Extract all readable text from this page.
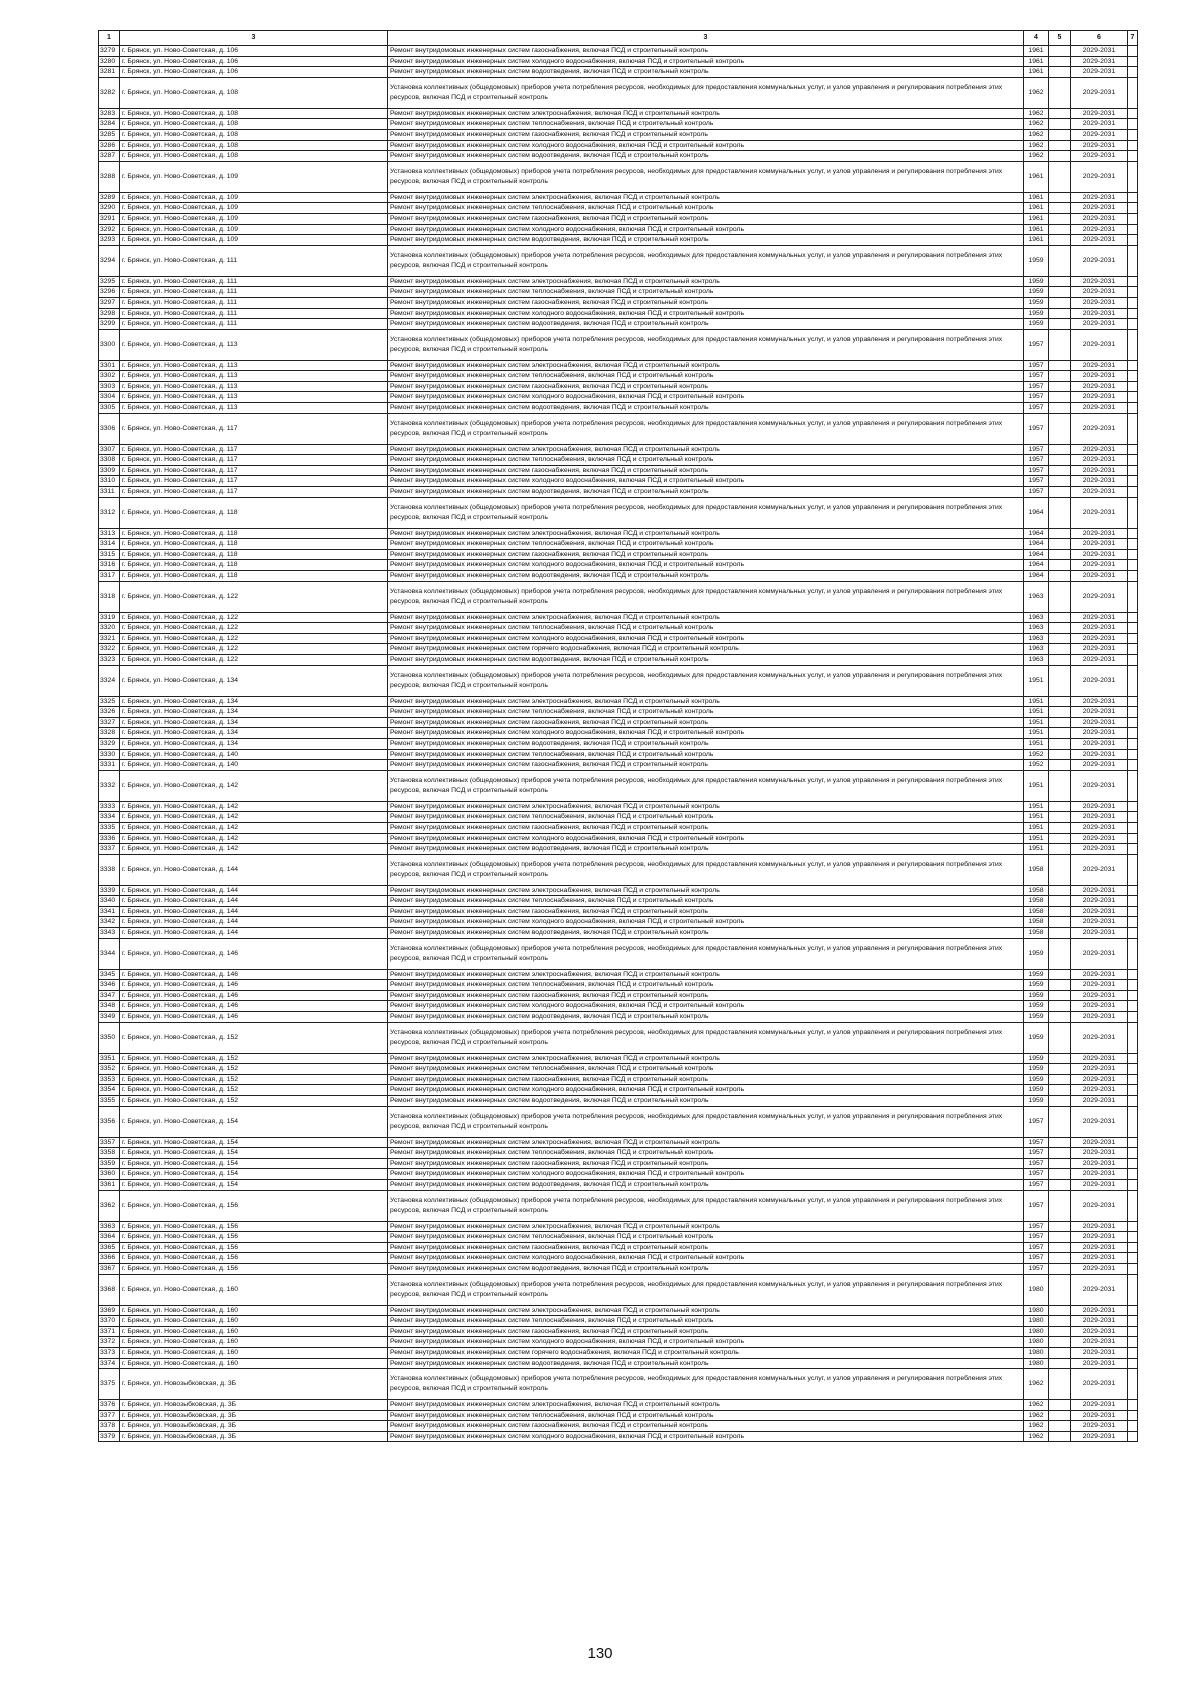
1	3	3	4	5	6	7
3279	г. Брянск, ул. Ново-Советская, д. 106	Ремонт внутридомовых инженерных систем газоснабжения, включая ПСД и строительный контроль	1961		2029-2031	
3280	г. Брянск, ул. Ново-Советская, д. 106	Ремонт внутридомовых инженерных систем холодного водоснабжения, включая ПСД и строительный контроль	1961		2029-2031	
3281	г. Брянск, ул. Ново-Советская, д. 106	Ремонт внутридомовых инженерных систем водоотведения, включая ПСД и строительный контроль	1961		2029-2031	
3282	г. Брянск, ул. Ново-Советская, д. 108	Установка коллективных (общедомовых) приборов учета потребления ресурсов, необходимых для предоставления коммунальных услуг, и узлов управления и регулирования потребления этих ресурсов, включая ПСД и строительный контроль	1962		2029-2031	
3283	г. Брянск, ул. Ново-Советская, д. 108	Ремонт внутридомовых инженерных систем электроснабжения, включая ПСД и строительный контроль	1962		2029-2031	
3284	г. Брянск, ул. Ново-Советская, д. 108	Ремонт внутридомовых инженерных систем теплоснабжения, включая ПСД и строительный контроль	1962		2029-2031	
3285	г. Брянск, ул. Ново-Советская, д. 108	Ремонт внутридомовых инженерных систем газоснабжения, включая ПСД и строительный контроль	1962		2029-2031	
3286	г. Брянск, ул. Ново-Советская, д. 108	Ремонт внутридомовых инженерных систем холодного водоснабжения, включая ПСД и строительный контроль	1962		2029-2031	
3287	г. Брянск, ул. Ново-Советская, д. 108	Ремонт внутридомовых инженерных систем водоотведения, включая ПСД и строительный контроль	1962		2029-2031	
3288	г. Брянск, ул. Ново-Советская, д. 109	Установка коллективных (общедомовых) приборов учета потребления ресурсов, необходимых для предоставления коммунальных услуг, и узлов управления и регулирования потребления этих ресурсов, включая ПСД и строительный контроль	1961		2029-2031	
3289	г. Брянск, ул. Ново-Советская, д. 109	Ремонт внутридомовых инженерных систем электроснабжения, включая ПСД и строительный контроль	1961		2029-2031	
3290	г. Брянск, ул. Ново-Советская, д. 109	Ремонт внутридомовых инженерных систем теплоснабжения, включая ПСД и строительный контроль	1961		2029-2031	
3291	г. Брянск, ул. Ново-Советская, д. 109	Ремонт внутридомовых инженерных систем газоснабжения, включая ПСД и строительный контроль	1961		2029-2031	
3292	г. Брянск, ул. Ново-Советская, д. 109	Ремонт внутридомовых инженерных систем холодного водоснабжения, включая ПСД и строительный контроль	1961		2029-2031	
3293	г. Брянск, ул. Ново-Советская, д. 109	Ремонт внутридомовых инженерных систем водоотведения, включая ПСД и строительный контроль	1961		2029-2031	
3294	г. Брянск, ул. Ново-Советская, д. 111	Установка коллективных (общедомовых) приборов учета потребления ресурсов, необходимых для предоставления коммунальных услуг, и узлов управления и регулирования потребления этих ресурсов, включая ПСД и строительный контроль	1959		2029-2031	
3295	г. Брянск, ул. Ново-Советская, д. 111	Ремонт внутридомовых инженерных систем электроснабжения, включая ПСД и строительный контроль	1959		2029-2031	
3296	г. Брянск, ул. Ново-Советская, д. 111	Ремонт внутридомовых инженерных систем теплоснабжения, включая ПСД и строительный контроль	1959		2029-2031	
3297	г. Брянск, ул. Ново-Советская, д. 111	Ремонт внутридомовых инженерных систем газоснабжения, включая ПСД и строительный контроль	1959		2029-2031	
3298	г. Брянск, ул. Ново-Советская, д. 111	Ремонт внутридомовых инженерных систем холодного водоснабжения, включая ПСД и строительный контроль	1959		2029-2031	
3299	г. Брянск, ул. Ново-Советская, д. 111	Ремонт внутридомовых инженерных систем водоотведения, включая ПСД и строительный контроль	1959		2029-2031	
3300	г. Брянск, ул. Ново-Советская, д. 113	Установка коллективных (общедомовых) приборов учета потребления ресурсов, необходимых для предоставления коммунальных услуг, и узлов управления и регулирования потребления этих ресурсов, включая ПСД и строительный контроль	1957		2029-2031	
3301	г. Брянск, ул. Ново-Советская, д. 113	Ремонт внутридомовых инженерных систем электроснабжения, включая ПСД и строительный контроль	1957		2029-2031	
3302	г. Брянск, ул. Ново-Советская, д. 113	Ремонт внутридомовых инженерных систем теплоснабжения, включая ПСД и строительный контроль	1957		2029-2031	
3303	г. Брянск, ул. Ново-Советская, д. 113	Ремонт внутридомовых инженерных систем газоснабжения, включая ПСД и строительный контроль	1957		2029-2031	
3304	г. Брянск, ул. Ново-Советская, д. 113	Ремонт внутридомовых инженерных систем холодного водоснабжения, включая ПСД и строительный контроль	1957		2029-2031	
3305	г. Брянск, ул. Ново-Советская, д. 113	Ремонт внутридомовых инженерных систем водоотведения, включая ПСД и строительный контроль	1957		2029-2031	
3306	г. Брянск, ул. Ново-Советская, д. 117	Установка коллективных (общедомовых) приборов учета потребления ресурсов, необходимых для предоставления коммунальных услуг, и узлов управления и регулирования потребления этих ресурсов, включая ПСД и строительный контроль	1957		2029-2031	
3307	г. Брянск, ул. Ново-Советская, д. 117	Ремонт внутридомовых инженерных систем электроснабжения, включая ПСД и строительный контроль	1957		2029-2031	
3308	г. Брянск, ул. Ново-Советская, д. 117	Ремонт внутридомовых инженерных систем теплоснабжения, включая ПСД и строительный контроль	1957		2029-2031	
3309	г. Брянск, ул. Ново-Советская, д. 117	Ремонт внутридомовых инженерных систем газоснабжения, включая ПСД и строительный контроль	1957		2029-2031	
3310	г. Брянск, ул. Ново-Советская, д. 117	Ремонт внутридомовых инженерных систем холодного водоснабжения, включая ПСД и строительный контроль	1957		2029-2031	
3311	г. Брянск, ул. Ново-Советская, д. 117	Ремонт внутридомовых инженерных систем водоотведения, включая ПСД и строительный контроль	1957		2029-2031	
3312	г. Брянск, ул. Ново-Советская, д. 118	Установка коллективных (общедомовых) приборов учета потребления ресурсов, необходимых для предоставления коммунальных услуг, и узлов управления и регулирования потребления этих ресурсов, включая ПСД и строительный контроль	1964		2029-2031	
3313	г. Брянск, ул. Ново-Советская, д. 118	Ремонт внутридомовых инженерных систем электроснабжения, включая ПСД и строительный контроль	1964		2029-2031	
3314	г. Брянск, ул. Ново-Советская, д. 118	Ремонт внутридомовых инженерных систем теплоснабжения, включая ПСД и строительный контроль	1964		2029-2031	
3315	г. Брянск, ул. Ново-Советская, д. 118	Ремонт внутридомовых инженерных систем газоснабжения, включая ПСД и строительный контроль	1964		2029-2031	
3316	г. Брянск, ул. Ново-Советская, д. 118	Ремонт внутридомовых инженерных систем холодного водоснабжения, включая ПСД и строительный контроль	1964		2029-2031	
3317	г. Брянск, ул. Ново-Советская, д. 118	Ремонт внутридомовых инженерных систем водоотведения, включая ПСД и строительный контроль	1964		2029-2031	
3318	г. Брянск, ул. Ново-Советская, д. 122	Установка коллективных (общедомовых) приборов учета потребления ресурсов, необходимых для предоставления коммунальных услуг, и узлов управления и регулирования потребления этих ресурсов, включая ПСД и строительный контроль	1963		2029-2031	
3319	г. Брянск, ул. Ново-Советская, д. 122	Ремонт внутридомовых инженерных систем электроснабжения, включая ПСД и строительный контроль	1963		2029-2031	
3320	г. Брянск, ул. Ново-Советская, д. 122	Ремонт внутридомовых инженерных систем теплоснабжения, включая ПСД и строительный контроль	1963		2029-2031	
3321	г. Брянск, ул. Ново-Советская, д. 122	Ремонт внутридомовых инженерных систем холодного водоснабжения, включая ПСД и строительный контроль	1963		2029-2031	
3322	г. Брянск, ул. Ново-Советская, д. 122	Ремонт внутридомовых инженерных систем горячего водоснабжения, включая ПСД и строительный контроль	1963		2029-2031	
3323	г. Брянск, ул. Ново-Советская, д. 122	Ремонт внутридомовых инженерных систем водоотведения, включая ПСД и строительный контроль	1963		2029-2031	
3324	г. Брянск, ул. Ново-Советская, д. 134	Установка коллективных (общедомовых) приборов учета потребления ресурсов, необходимых для предоставления коммунальных услуг, и узлов управления и регулирования потребления этих ресурсов, включая ПСД и строительный контроль	1951		2029-2031	
3325	г. Брянск, ул. Ново-Советская, д. 134	Ремонт внутридомовых инженерных систем электроснабжения, включая ПСД и строительный контроль	1951		2029-2031	
3326	г. Брянск, ул. Ново-Советская, д. 134	Ремонт внутридомовых инженерных систем теплоснабжения, включая ПСД и строительный контроль	1951		2029-2031	
3327	г. Брянск, ул. Ново-Советская, д. 134	Ремонт внутридомовых инженерных систем газоснабжения, включая ПСД и строительный контроль	1951		2029-2031	
3328	г. Брянск, ул. Ново-Советская, д. 134	Ремонт внутридомовых инженерных систем холодного водоснабжения, включая ПСД и строительный контроль	1951		2029-2031	
3329	г. Брянск, ул. Ново-Советская, д. 134	Ремонт внутридомовых инженерных систем водоотведения, включая ПСД и строительный контроль	1951		2029-2031	
3330	г. Брянск, ул. Ново-Советская, д. 140	Ремонт внутридомовых инженерных систем теплоснабжения, включая ПСД и строительный контроль	1952		2029-2031	
3331	г. Брянск, ул. Ново-Советская, д. 140	Ремонт внутридомовых инженерных систем газоснабжения, включая ПСД и строительный контроль	1952		2029-2031	
3332	г. Брянск, ул. Ново-Советская, д. 142	Установка коллективных (общедомовых) приборов учета потребления ресурсов, необходимых для предоставления коммунальных услуг, и узлов управления и регулирования потребления этих ресурсов, включая ПСД и строительный контроль	1951		2029-2031	
3333	г. Брянск, ул. Ново-Советская, д. 142	Ремонт внутридомовых инженерных систем электроснабжения, включая ПСД и строительный контроль	1951		2029-2031	
3334	г. Брянск, ул. Ново-Советская, д. 142	Ремонт внутридомовых инженерных систем теплоснабжения, включая ПСД и строительный контроль	1951		2029-2031	
3335	г. Брянск, ул. Ново-Советская, д. 142	Ремонт внутридомовых инженерных систем газоснабжения, включая ПСД и строительный контроль	1951		2029-2031	
3336	г. Брянск, ул. Ново-Советская, д. 142	Ремонт внутридомовых инженерных систем холодного водоснабжения, включая ПСД и строительный контроль	1951		2029-2031	
3337	г. Брянск, ул. Ново-Советская, д. 142	Ремонт внутридомовых инженерных систем водоотведения, включая ПСД и строительный контроль	1951		2029-2031	
3338	г. Брянск, ул. Ново-Советская, д. 144	Установка коллективных (общедомовых) приборов учета потребления ресурсов, необходимых для предоставления коммунальных услуг, и узлов управления и регулирования потребления этих ресурсов, включая ПСД и строительный контроль	1958		2029-2031	
3339	г. Брянск, ул. Ново-Советская, д. 144	Ремонт внутридомовых инженерных систем электроснабжения, включая ПСД и строительный контроль	1958		2029-2031	
3340	г. Брянск, ул. Ново-Советская, д. 144	Ремонт внутридомовых инженерных систем теплоснабжения, включая ПСД и строительный контроль	1958		2029-2031	
3341	г. Брянск, ул. Ново-Советская, д. 144	Ремонт внутридомовых инженерных систем газоснабжения, включая ПСД и строительный контроль	1958		2029-2031	
3342	г. Брянск, ул. Ново-Советская, д. 144	Ремонт внутридомовых инженерных систем холодного водоснабжения, включая ПСД и строительный контроль	1958		2029-2031	
3343	г. Брянск, ул. Ново-Советская, д. 144	Ремонт внутридомовых инженерных систем водоотведения, включая ПСД и строительный контроль	1958		2029-2031	
3344	г. Брянск, ул. Ново-Советская, д. 146	Установка коллективных (общедомовых) приборов учета потребления ресурсов, необходимых для предоставления коммунальных услуг, и узлов управления и регулирования потребления этих ресурсов, включая ПСД и строительный контроль	1959		2029-2031	
3345	г. Брянск, ул. Ново-Советская, д. 146	Ремонт внутридомовых инженерных систем электроснабжения, включая ПСД и строительный контроль	1959		2029-2031	
3346	г. Брянск, ул. Ново-Советская, д. 146	Ремонт внутридомовых инженерных систем теплоснабжения, включая ПСД и строительный контроль	1959		2029-2031	
3347	г. Брянск, ул. Ново-Советская, д. 146	Ремонт внутридомовых инженерных систем газоснабжения, включая ПСД и строительный контроль	1959		2029-2031	
3348	г. Брянск, ул. Ново-Советская, д. 146	Ремонт внутридомовых инженерных систем холодного водоснабжения, включая ПСД и строительный контроль	1959		2029-2031	
3349	г. Брянск, ул. Ново-Советская, д. 146	Ремонт внутридомовых инженерных систем водоотведения, включая ПСД и строительный контроль	1959		2029-2031	
3350	г. Брянск, ул. Ново-Советская, д. 152	Установка коллективных (общедомовых) приборов учета потребления ресурсов, необходимых для предоставления коммунальных услуг, и узлов управления и регулирования потребления этих ресурсов, включая ПСД и строительный контроль	1959		2029-2031	
3351	г. Брянск, ул. Ново-Советская, д. 152	Ремонт внутридомовых инженерных систем электроснабжения, включая ПСД и строительный контроль	1959		2029-2031	
3352	г. Брянск, ул. Ново-Советская, д. 152	Ремонт внутридомовых инженерных систем теплоснабжения, включая ПСД и строительный контроль	1959		2029-2031	
3353	г. Брянск, ул. Ново-Советская, д. 152	Ремонт внутридомовых инженерных систем газоснабжения, включая ПСД и строительный контроль	1959		2029-2031	
3354	г. Брянск, ул. Ново-Советская, д. 152	Ремонт внутридомовых инженерных систем холодного водоснабжения, включая ПСД и строительный контроль	1959		2029-2031	
3355	г. Брянск, ул. Ново-Советская, д. 152	Ремонт внутридомовых инженерных систем водоотведения, включая ПСД и строительный контроль	1959		2029-2031	
3356	г. Брянск, ул. Ново-Советская, д. 154	Установка коллективных (общедомовых) приборов учета потребления ресурсов, необходимых для предоставления коммунальных услуг, и узлов управления и регулирования потребления этих ресурсов, включая ПСД и строительный контроль	1957		2029-2031	
3357	г. Брянск, ул. Ново-Советская, д. 154	Ремонт внутридомовых инженерных систем электроснабжения, включая ПСД и строительный контроль	1957		2029-2031	
3358	г. Брянск, ул. Ново-Советская, д. 154	Ремонт внутридомовых инженерных систем теплоснабжения, включая ПСД и строительный контроль	1957		2029-2031	
3359	г. Брянск, ул. Ново-Советская, д. 154	Ремонт внутридомовых инженерных систем газоснабжения, включая ПСД и строительный контроль	1957		2029-2031	
3360	г. Брянск, ул. Ново-Советская, д. 154	Ремонт внутридомовых инженерных систем холодного водоснабжения, включая ПСД и строительный контроль	1957		2029-2031	
3361	г. Брянск, ул. Ново-Советская, д. 154	Ремонт внутридомовых инженерных систем водоотведения, включая ПСД и строительный контроль	1957		2029-2031	
3362	г. Брянск, ул. Ново-Советская, д. 156	Установка коллективных (общедомовых) приборов учета потребления ресурсов, необходимых для предоставления коммунальных услуг, и узлов управления и регулирования потребления этих ресурсов, включая ПСД и строительный контроль	1957		2029-2031	
3363	г. Брянск, ул. Ново-Советская, д. 156	Ремонт внутридомовых инженерных систем электроснабжения, включая ПСД и строительный контроль	1957		2029-2031	
3364	г. Брянск, ул. Ново-Советская, д. 156	Ремонт внутридомовых инженерных систем теплоснабжения, включая ПСД и строительный контроль	1957		2029-2031	
3365	г. Брянск, ул. Ново-Советская, д. 156	Ремонт внутридомовых инженерных систем газоснабжения, включая ПСД и строительный контроль	1957		2029-2031	
3366	г. Брянск, ул. Ново-Советская, д. 156	Ремонт внутридомовых инженерных систем холодного водоснабжения, включая ПСД и строительный контроль	1957		2029-2031	
3367	г. Брянск, ул. Ново-Советская, д. 156	Ремонт внутридомовых инженерных систем водоотведения, включая ПСД и строительный контроль	1957		2029-2031	
3368	г. Брянск, ул. Ново-Советская, д. 160	Установка коллективных (общедомовых) приборов учета потребления ресурсов, необходимых для предоставления коммунальных услуг, и узлов управления и регулирования потребления этих ресурсов, включая ПСД и строительный контроль	1980		2029-2031	
3369	г. Брянск, ул. Ново-Советская, д. 160	Ремонт внутридомовых инженерных систем электроснабжения, включая ПСД и строительный контроль	1980		2029-2031	
3370	г. Брянск, ул. Ново-Советская, д. 160	Ремонт внутридомовых инженерных систем теплоснабжения, включая ПСД и строительный контроль	1980		2029-2031	
3371	г. Брянск, ул. Ново-Советская, д. 160	Ремонт внутридомовых инженерных систем газоснабжения, включая ПСД и строительный контроль	1980		2029-2031	
3372	г. Брянск, ул. Ново-Советская, д. 160	Ремонт внутридомовых инженерных систем холодного водоснабжения, включая ПСД и строительный контроль	1980		2029-2031	
3373	г. Брянск, ул. Ново-Советская, д. 160	Ремонт внутридомовых инженерных систем горячего водоснабжения, включая ПСД и строительный контроль	1980		2029-2031	
3374	г. Брянск, ул. Ново-Советская, д. 160	Ремонт внутридомовых инженерных систем водоотведения, включая ПСД и строительный контроль	1980		2029-2031	
3375	г. Брянск, ул. Новозыбковская, д. 3Б	Установка коллективных (общедомовых) приборов учета потребления ресурсов, необходимых для предоставления коммунальных услуг, и узлов управления и регулирования потребления этих ресурсов, включая ПСД и строительный контроль	1962		2029-2031	
3376	г. Брянск, ул. Новозыбковская, д. 3Б	Ремонт внутридомовых инженерных систем электроснабжения, включая ПСД и строительный контроль	1962		2029-2031	
3377	г. Брянск, ул. Новозыбковская, д. 3Б	Ремонт внутридомовых инженерных систем теплоснабжения, включая ПСД и строительный контроль	1962		2029-2031	
3378	г. Брянск, ул. Новозыбковская, д. 3Б	Ремонт внутридомовых инженерных систем газоснабжения, включая ПСД и строительный контроль	1962		2029-2031	
3379	г. Брянск, ул. Новозыбковская, д. 3Б	Ремонт внутридомовых инженерных систем холодного водоснабжения, включая ПСД и строительный контроль	1962		2029-2031	
130
